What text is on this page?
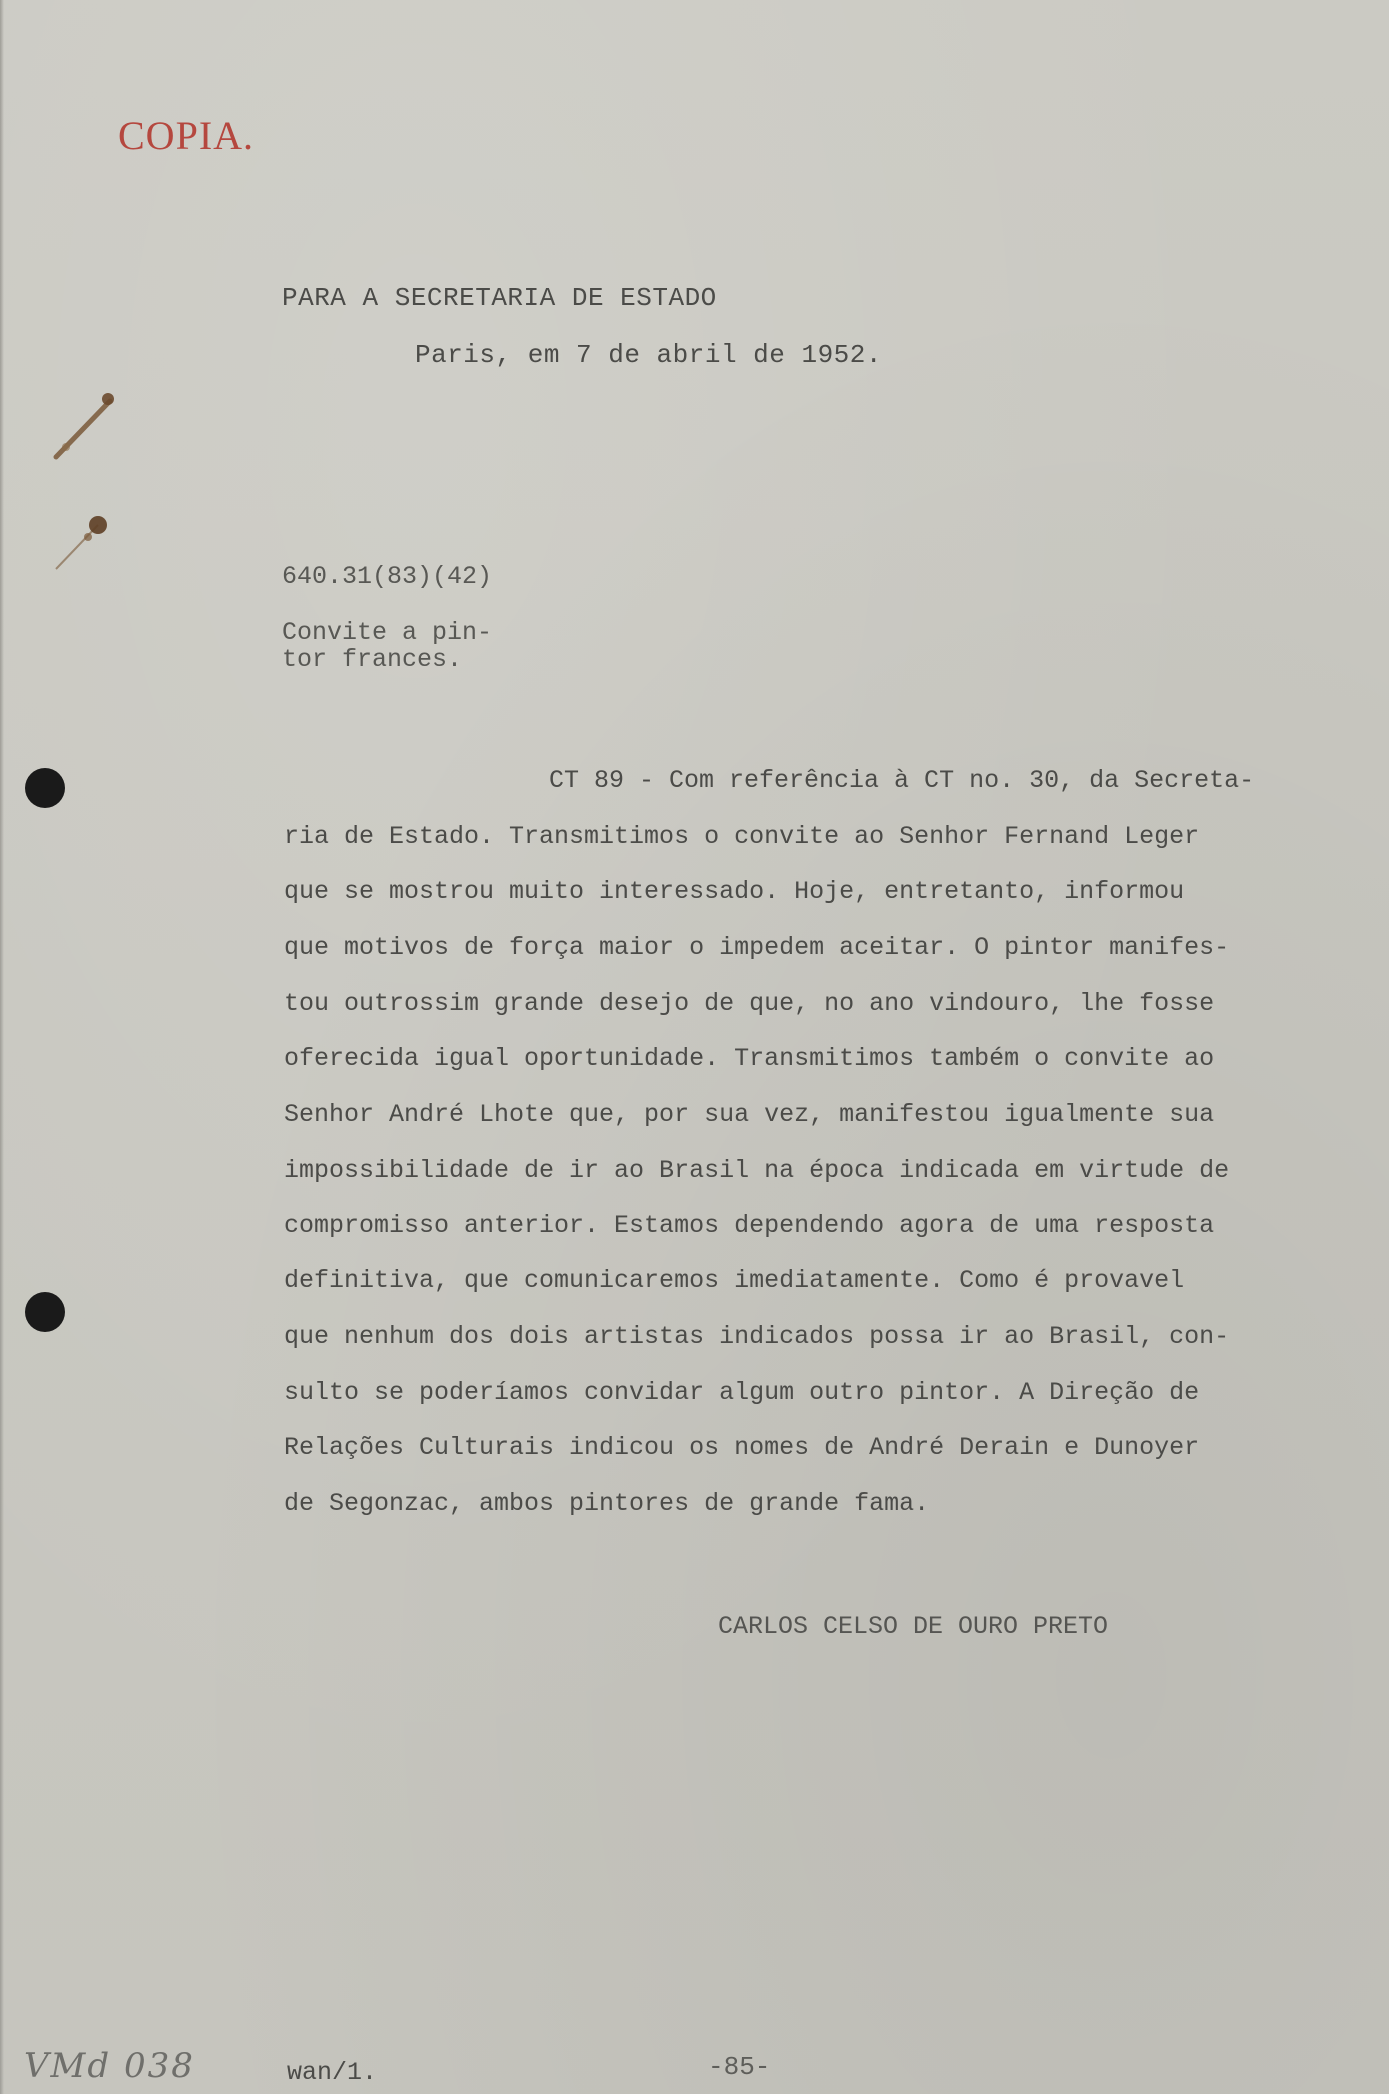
COPIA.
PARA A SECRETARIA DE ESTADO
Paris, em 7 de abril de 1952.
640.31(83)(42)
Convite a pin-
tor frances.
CT 89 - Com referência à CT no. 30, da Secreta-
ria de Estado. Transmitimos o convite ao Senhor Fernand Leger
que se mostrou muito interessado. Hoje, entretanto, informou
que motivos de força maior o impedem aceitar. O pintor manifes-
tou outrossim grande desejo de que, no ano vindouro, lhe fosse
oferecida igual oportunidade. Transmitimos também o convite ao
Senhor André Lhote que, por sua vez, manifestou igualmente sua
impossibilidade de ir ao Brasil na época indicada em virtude de
compromisso anterior. Estamos dependendo agora de uma resposta
definitiva, que comunicaremos imediatamente. Como é provavel
que nenhum dos dois artistas indicados possa ir ao Brasil, con-
sulto se poderíamos convidar algum outro pintor. A Direção de
Relações Culturais indicou os nomes de André Derain e Dunoyer
de Segonzac, ambos pintores de grande fama.
CARLOS CELSO DE OURO PRETO
VMd 038	wan/1.	-85-
